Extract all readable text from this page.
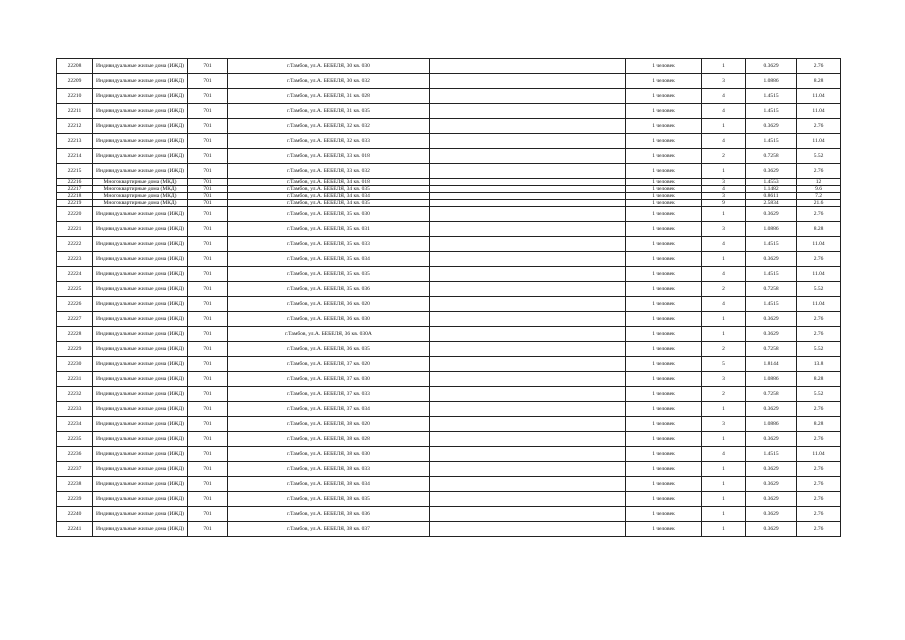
22208	Индивидуальные жилые дома (ИЖД)	701	г.Тамбов, ул.А. БЕБЕЛЯ, 30 кв. 030		1 человек	1	0.3629	2.76
22209	Индивидуальные жилые дома (ИЖД)	701	г.Тамбов, ул.А. БЕБЕЛЯ, 30 кв. 032		1 человек	3	1.0886	8.28
22210	Индивидуальные жилые дома (ИЖД)	701	г.Тамбов, ул.А. БЕБЕЛЯ, 31 кв. 028		1 человек	4	1.4515	11.04
22211	Индивидуальные жилые дома (ИЖД)	701	г.Тамбов, ул.А. БЕБЕЛЯ, 31 кв. 035		1 человек	4	1.4515	11.04
22212	Индивидуальные жилые дома (ИЖД)	701	г.Тамбов, ул.А. БЕБЕЛЯ, 32 кв. 032		1 человек	1	0.3629	2.76
22213	Индивидуальные жилые дома (ИЖД)	701	г.Тамбов, ул.А. БЕБЕЛЯ, 32 кв. 033		1 человек	4	1.4515	11.04
22214	Индивидуальные жилые дома (ИЖД)	701	г.Тамбов, ул.А. БЕБЕЛЯ, 33 кв. 018		1 человек	2	0.7258	5.52
22215	Индивидуальные жилые дома (ИЖД)	701	г.Тамбов, ул.А. БЕБЕЛЯ, 33 кв. 032		1 человек	1	0.3629	2.76
22216	Многоквартирные дома (МКД)	701	г.Тамбов, ул.А. БЕБЕЛЯ, 34 кв. 018		1 человек	3	1.4553	12
22217	Многоквартирные дома (МКД)	701	г.Тамбов, ул.А. БЕБЕЛЯ, 34 кв. 035		1 человек	4	1.1482	9.6
22218	Многоквартирные дома (МКД)	701	г.Тамбов, ул.А. БЕБЕЛЯ, 34 кв. 034		1 человек	3	0.8611	7.2
22219	Многоквартирные дома (МКД)	701	г.Тамбов, ул.А. БЕБЕЛЯ, 34 кв. 035		1 человек	9	2.5834	21.6
22220	Индивидуальные жилые дома (ИЖД)	701	г.Тамбов, ул.А. БЕБЕЛЯ, 35 кв. 030		1 человек	1	0.3629	2.76
22221	Индивидуальные жилые дома (ИЖД)	701	г.Тамбов, ул.А. БЕБЕЛЯ, 35 кв. 031		1 человек	3	1.0886	8.28
22222	Индивидуальные жилые дома (ИЖД)	701	г.Тамбов, ул.А. БЕБЕЛЯ, 35 кв. 033		1 человек	4	1.4515	11.04
22223	Индивидуальные жилые дома (ИЖД)	701	г.Тамбов, ул.А. БЕБЕЛЯ, 35 кв. 034		1 человек	1	0.3629	2.76
22224	Индивидуальные жилые дома (ИЖД)	701	г.Тамбов, ул.А. БЕБЕЛЯ, 35 кв. 035		1 человек	4	1.4515	11.04
22225	Индивидуальные жилые дома (ИЖД)	701	г.Тамбов, ул.А. БЕБЕЛЯ, 35 кв. 036		1 человек	2	0.7258	5.52
22226	Индивидуальные жилые дома (ИЖД)	701	г.Тамбов, ул.А. БЕБЕЛЯ, 36 кв. 020		1 человек	4	1.4515	11.04
22227	Индивидуальные жилые дома (ИЖД)	701	г.Тамбов, ул.А. БЕБЕЛЯ, 36 кв. 030		1 человек	1	0.3629	2.76
22228	Индивидуальные жилые дома (ИЖД)	701	г.Тамбов, ул.А. БЕБЕЛЯ, 36 кв. 030А		1 человек	1	0.3629	2.76
22229	Индивидуальные жилые дома (ИЖД)	701	г.Тамбов, ул.А. БЕБЕЛЯ, 36 кв. 035		1 человек	2	0.7258	5.52
22230	Индивидуальные жилые дома (ИЖД)	701	г.Тамбов, ул.А. БЕБЕЛЯ, 37 кв. 020		1 человек	5	1.8144	13.8
22231	Индивидуальные жилые дома (ИЖД)	701	г.Тамбов, ул.А. БЕБЕЛЯ, 37 кв. 030		1 человек	3	1.0886	8.28
22232	Индивидуальные жилые дома (ИЖД)	701	г.Тамбов, ул.А. БЕБЕЛЯ, 37 кв. 033		1 человек	2	0.7258	5.52
22233	Индивидуальные жилые дома (ИЖД)	701	г.Тамбов, ул.А. БЕБЕЛЯ, 37 кв. 034		1 человек	1	0.3629	2.76
22234	Индивидуальные жилые дома (ИЖД)	701	г.Тамбов, ул.А. БЕБЕЛЯ, 38 кв. 020		1 человек	3	1.0886	8.28
22235	Индивидуальные жилые дома (ИЖД)	701	г.Тамбов, ул.А. БЕБЕЛЯ, 38 кв. 028		1 человек	1	0.3629	2.76
22236	Индивидуальные жилые дома (ИЖД)	701	г.Тамбов, ул.А. БЕБЕЛЯ, 38 кв. 030		1 человек	4	1.4515	11.04
22237	Индивидуальные жилые дома (ИЖД)	701	г.Тамбов, ул.А. БЕБЕЛЯ, 38 кв. 033		1 человек	1	0.3629	2.76
22238	Индивидуальные жилые дома (ИЖД)	701	г.Тамбов, ул.А. БЕБЕЛЯ, 38 кв. 034		1 человек	1	0.3629	2.76
22239	Индивидуальные жилые дома (ИЖД)	701	г.Тамбов, ул.А. БЕБЕЛЯ, 38 кв. 035		1 человек	1	0.3629	2.76
22240	Индивидуальные жилые дома (ИЖД)	701	г.Тамбов, ул.А. БЕБЕЛЯ, 38 кв. 036		1 человек	1	0.3629	2.76
22241	Индивидуальные жилые дома (ИЖД)	701	г.Тамбов, ул.А. БЕБЕЛЯ, 38 кв. 037		1 человек	1	0.3629	2.76
